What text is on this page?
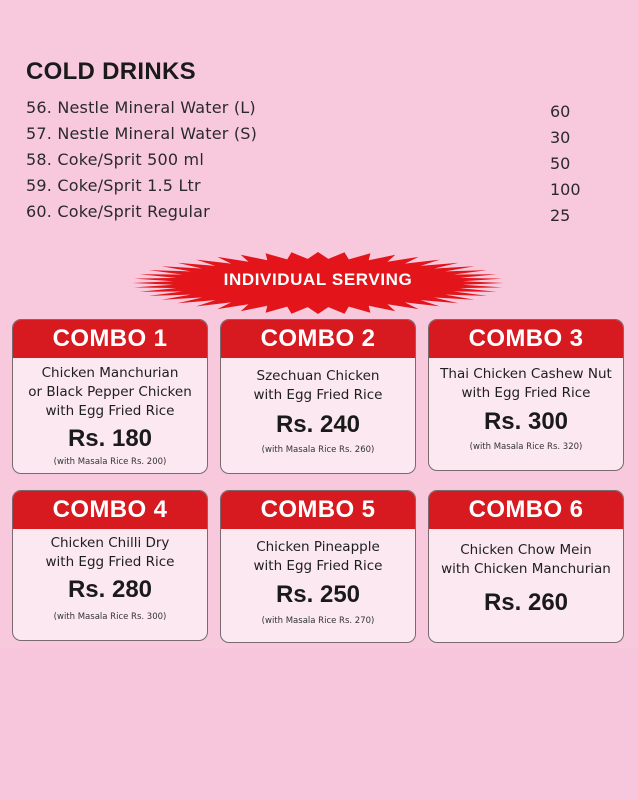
COLD DRINKS
56. Nestle Mineral Water (L)	60
57. Nestle Mineral Water (S)	30
58. Coke/Sprit 500 ml	50
59. Coke/Sprit 1.5 Ltr	100
60. Coke/Sprit Regular	25
INDIVIDUAL SERVING
COMBO 1

Chicken Manchurian
or Black Pepper Chicken
with Egg Fried Rice

Rs. 180
(with Masala Rice Rs. 200)
COMBO 2

Szechuan Chicken
with Egg Fried Rice

Rs. 240
(with Masala Rice Rs. 260)
COMBO 3

Thai Chicken Cashew Nut
with Egg Fried Rice

Rs. 300
(with Masala Rice Rs. 320)
COMBO 4

Chicken Chilli Dry
with Egg Fried Rice

Rs. 280
(with Masala Rice Rs. 300)
COMBO 5

Chicken Pineapple
with Egg Fried Rice

Rs. 250
(with Masala Rice Rs. 270)
COMBO 6

Chicken Chow Mein
with Chicken Manchurian

Rs. 260
